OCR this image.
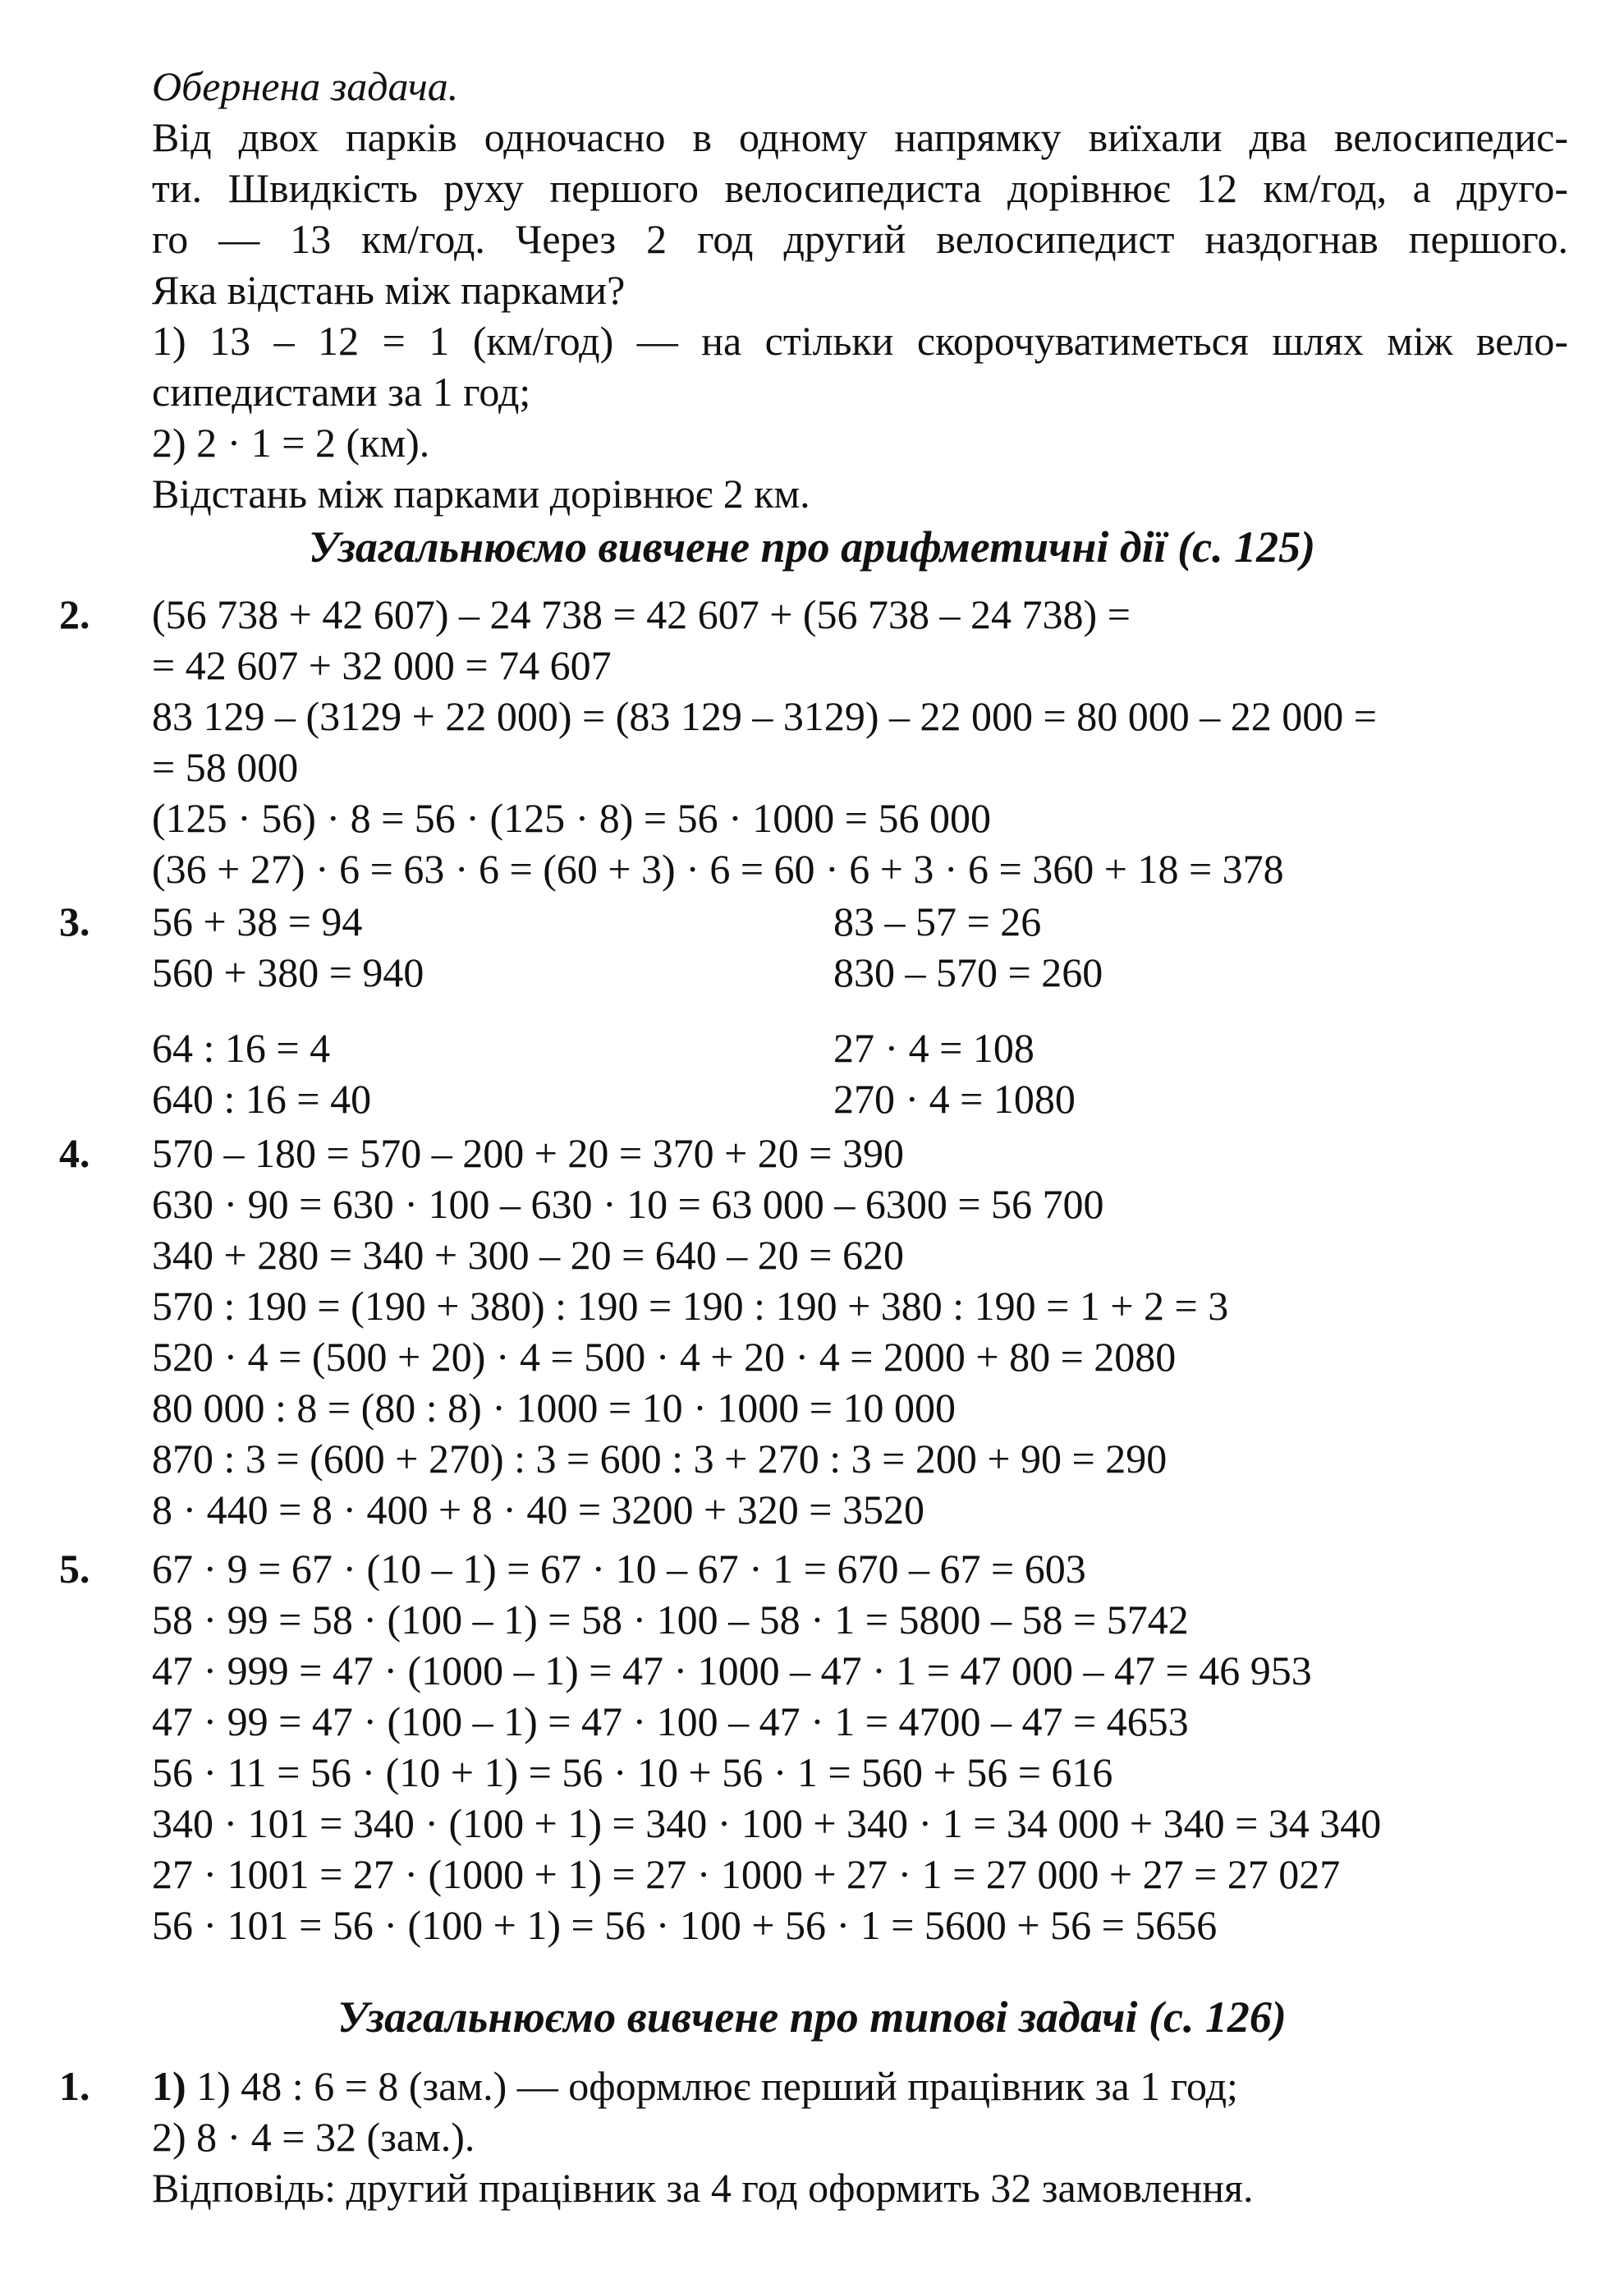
Обернена задача.
Від двох парків одночасно в одному напрямку виїхали два велосипедис-
ти. Швидкість руху першого велосипедиста дорівнює 12 км/год, а друго-
го — 13 км/год. Через 2 год другий велосипедист наздогнав першого.
Яка відстань між парками?
1) 13 – 12 = 1 (км/год) — на стільки скорочуватиметься шлях між вело-
сипедистами за 1 год;
2) 2 · 1 = 2 (км).
Відстань між парками дорівнює 2 км.
Узагальнюємо вивчене про арифметичні дії (с. 125)
2. (56 738 + 42 607) – 24 738 = 42 607 + (56 738 – 24 738) =
= 42 607 + 32 000 = 74 607
83 129 – (3129 + 22 000) = (83 129 – 3129) – 22 000 = 80 000 – 22 000 =
= 58 000
(125 · 56) · 8 = 56 · (125 · 8) = 56 · 1000 = 56 000
(36 + 27) · 6 = 63 · 6 = (60 + 3) · 6 = 60 · 6 + 3 · 6 = 360 + 18 = 378
3. 56 + 38 = 94	83 – 57 = 26
560 + 380 = 940	830 – 570 = 260
64 : 16 = 4	27 · 4 = 108
640 : 16 = 40	270 · 4 = 1080
4. 570 – 180 = 570 – 200 + 20 = 370 + 20 = 390
630 · 90 = 630 · 100 – 630 · 10 = 63 000 – 6300 = 56 700
340 + 280 = 340 + 300 – 20 = 640 – 20 = 620
570 : 190 = (190 + 380) : 190 = 190 : 190 + 380 : 190 = 1 + 2 = 3
520 · 4 = (500 + 20) · 4 = 500 · 4 + 20 · 4 = 2000 + 80 = 2080
80 000 : 8 = (80 : 8) · 1000 = 10 · 1000 = 10 000
870 : 3 = (600 + 270) : 3 = 600 : 3 + 270 : 3 = 200 + 90 = 290
8 · 440 = 8 · 400 + 8 · 40 = 3200 + 320 = 3520
5. 67 · 9 = 67 · (10 – 1) = 67 · 10 – 67 · 1 = 670 – 67 = 603
58 · 99 = 58 · (100 – 1) = 58 · 100 – 58 · 1 = 5800 – 58 = 5742
47 · 999 = 47 · (1000 – 1) = 47 · 1000 – 47 · 1 = 47 000 – 47 = 46 953
47 · 99 = 47 · (100 – 1) = 47 · 100 – 47 · 1 = 4700 – 47 = 4653
56 · 11 = 56 · (10 + 1) = 56 · 10 + 56 · 1 = 560 + 56 = 616
340 · 101 = 340 · (100 + 1) = 340 · 100 + 340 · 1 = 34 000 + 340 = 34 340
27 · 1001 = 27 · (1000 + 1) = 27 · 1000 + 27 · 1 = 27 000 + 27 = 27 027
56 · 101 = 56 · (100 + 1) = 56 · 100 + 56 · 1 = 5600 + 56 = 5656
Узагальнюємо вивчене про типові задачі (с. 126)
1. 1) 1) 48 : 6 = 8 (зам.) — оформлює перший працівник за 1 год;
2) 8 · 4 = 32 (зам.).
Відповідь: другий працівник за 4 год оформить 32 замовлення.
